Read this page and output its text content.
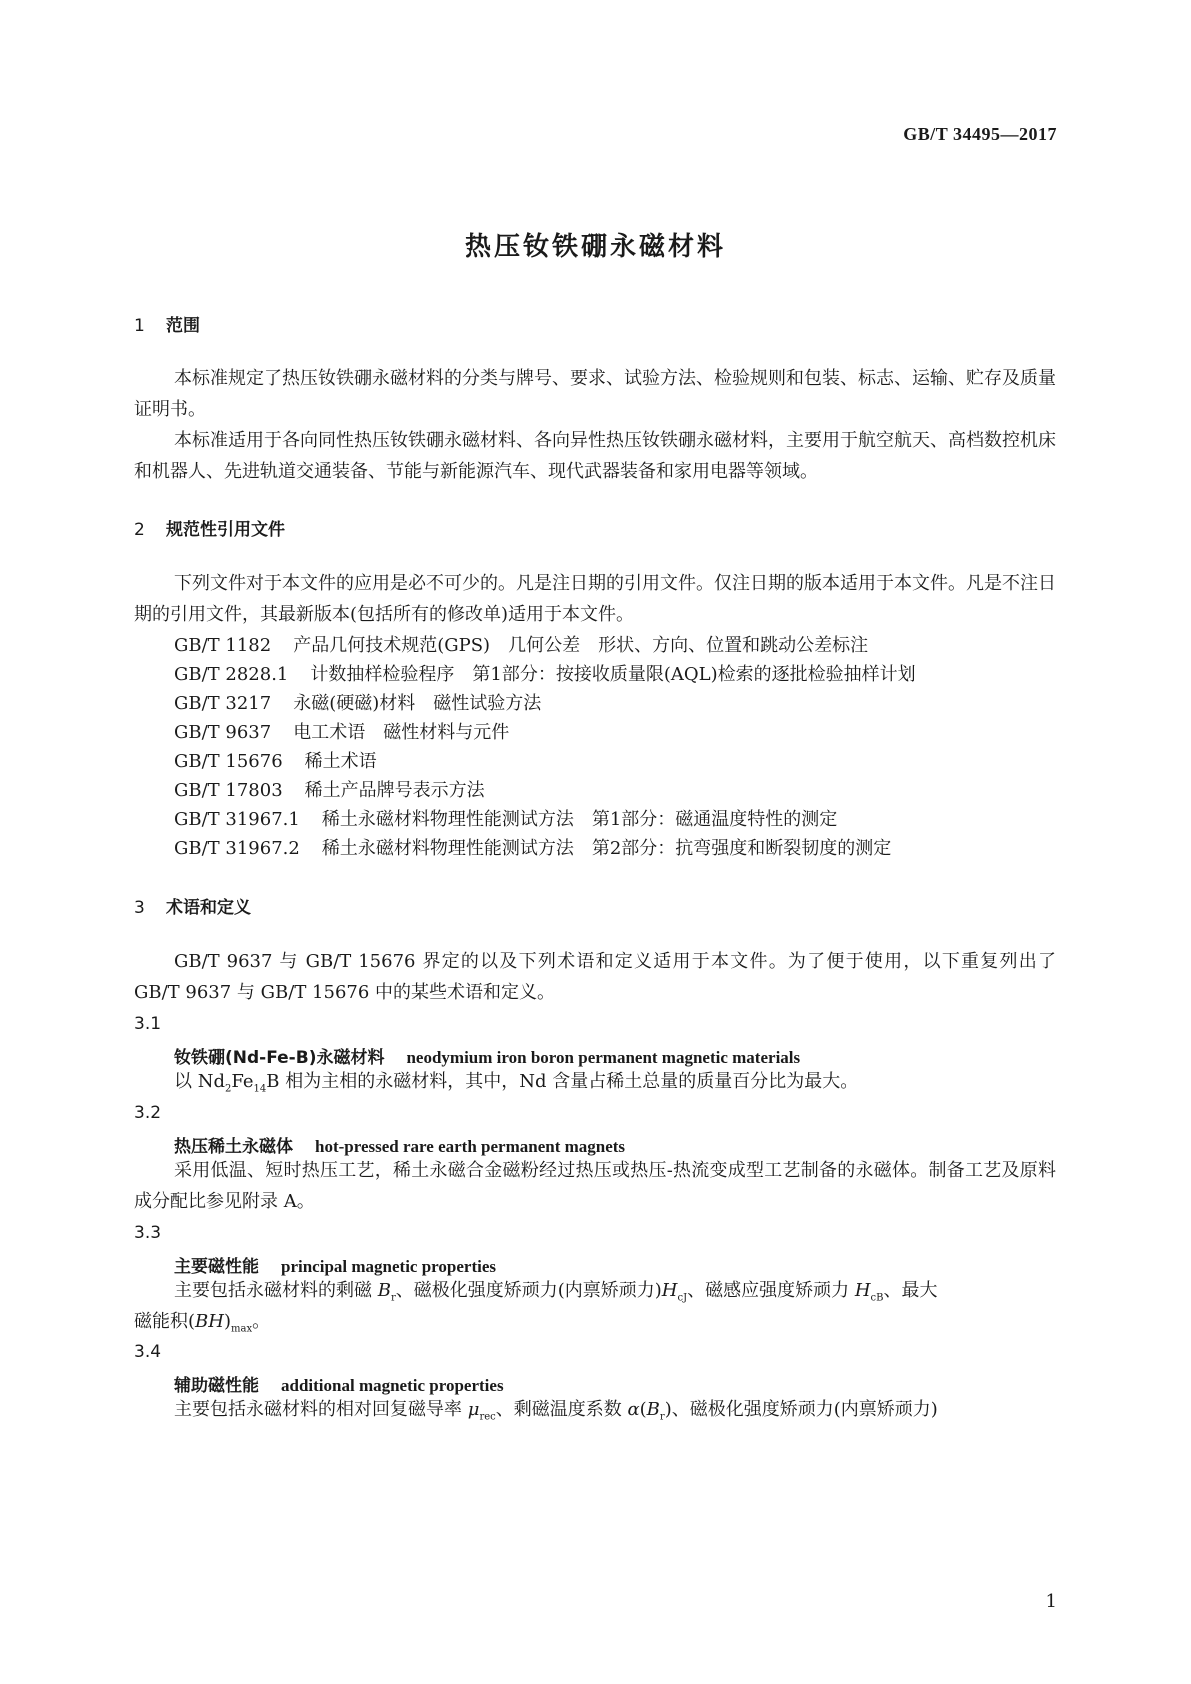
GB/T 34495—2017
热压钕铁硼永磁材料
1 范围

本标准规定了热压钕铁硼永磁材料的分类与牌号、要求、试验方法、检验规则和包装、标志、运输、贮存及质量证明书。

本标准适用于各向同性热压钕铁硼永磁材料、各向异性热压钕铁硼永磁材料，主要用于航空航天、高档数控机床和机器人、先进轨道交通装备、节能与新能源汽车、现代武器装备和家用电器等领域。

2 规范性引用文件

下列文件对于本文件的应用是必不可少的。凡是注日期的引用文件。仅注日期的版本适用于本文件。凡是不注日期的引用文件，其最新版本(包括所有的修改单)适用于本文件。

GB/T 1182 产品几何技术规范(GPS)　几何公差　形状、方向、位置和跳动公差标注

GB/T 2828.1 计数抽样检验程序　第1部分：按接收质量限(AQL)检索的逐批检验抽样计划

GB/T 3217 永磁(硬磁)材料　磁性试验方法

GB/T 9637 电工术语　磁性材料与元件

GB/T 15676 稀土术语

GB/T 17803 稀土产品牌号表示方法

GB/T 31967.1 稀土永磁材料物理性能测试方法　第1部分：磁通温度特性的测定

GB/T 31967.2 稀土永磁材料物理性能测试方法　第2部分：抗弯强度和断裂韧度的测定

3 术语和定义

GB/T 9637 与 GB/T 15676 界定的以及下列术语和定义适用于本文件。为了便于使用，以下重复列出了 GB/T 9637 与 GB/T 15676 中的某些术语和定义。

3.1

钕铁硼(Nd-Fe-B)永磁材料 neodymium iron boron permanent magnetic materials

以 $Nd_2Fe_{14}B$ 相为主相的永磁材料，其中，Nd 含量占稀土总量的质量百分比为最大。

3.2

热压稀土永磁体 hot-pressed rare earth permanent magnets

采用低温、短时热压工艺，稀土永磁合金磁粉经过热压或热压-热流变成型工艺制备的永磁体。制备工艺及原料成分配比参见附录 A。

3.3

主要磁性能 principal magnetic properties

主要包括永磁材料的剩磁 $B_r$、磁极化强度矫顽力(内禀矫顽力)$H_{cJ}$、磁感应强度矫顽力 $H_{cB}$、最大

磁能积$(BH)_{max}$。

3.4

辅助磁性能 additional magnetic properties

主要包括永磁材料的相对回复磁导率 $\mu_{rec}$、剩磁温度系数 $\alpha(B_r)$、磁极化强度矫顽力(内禀矫顽力)

1
